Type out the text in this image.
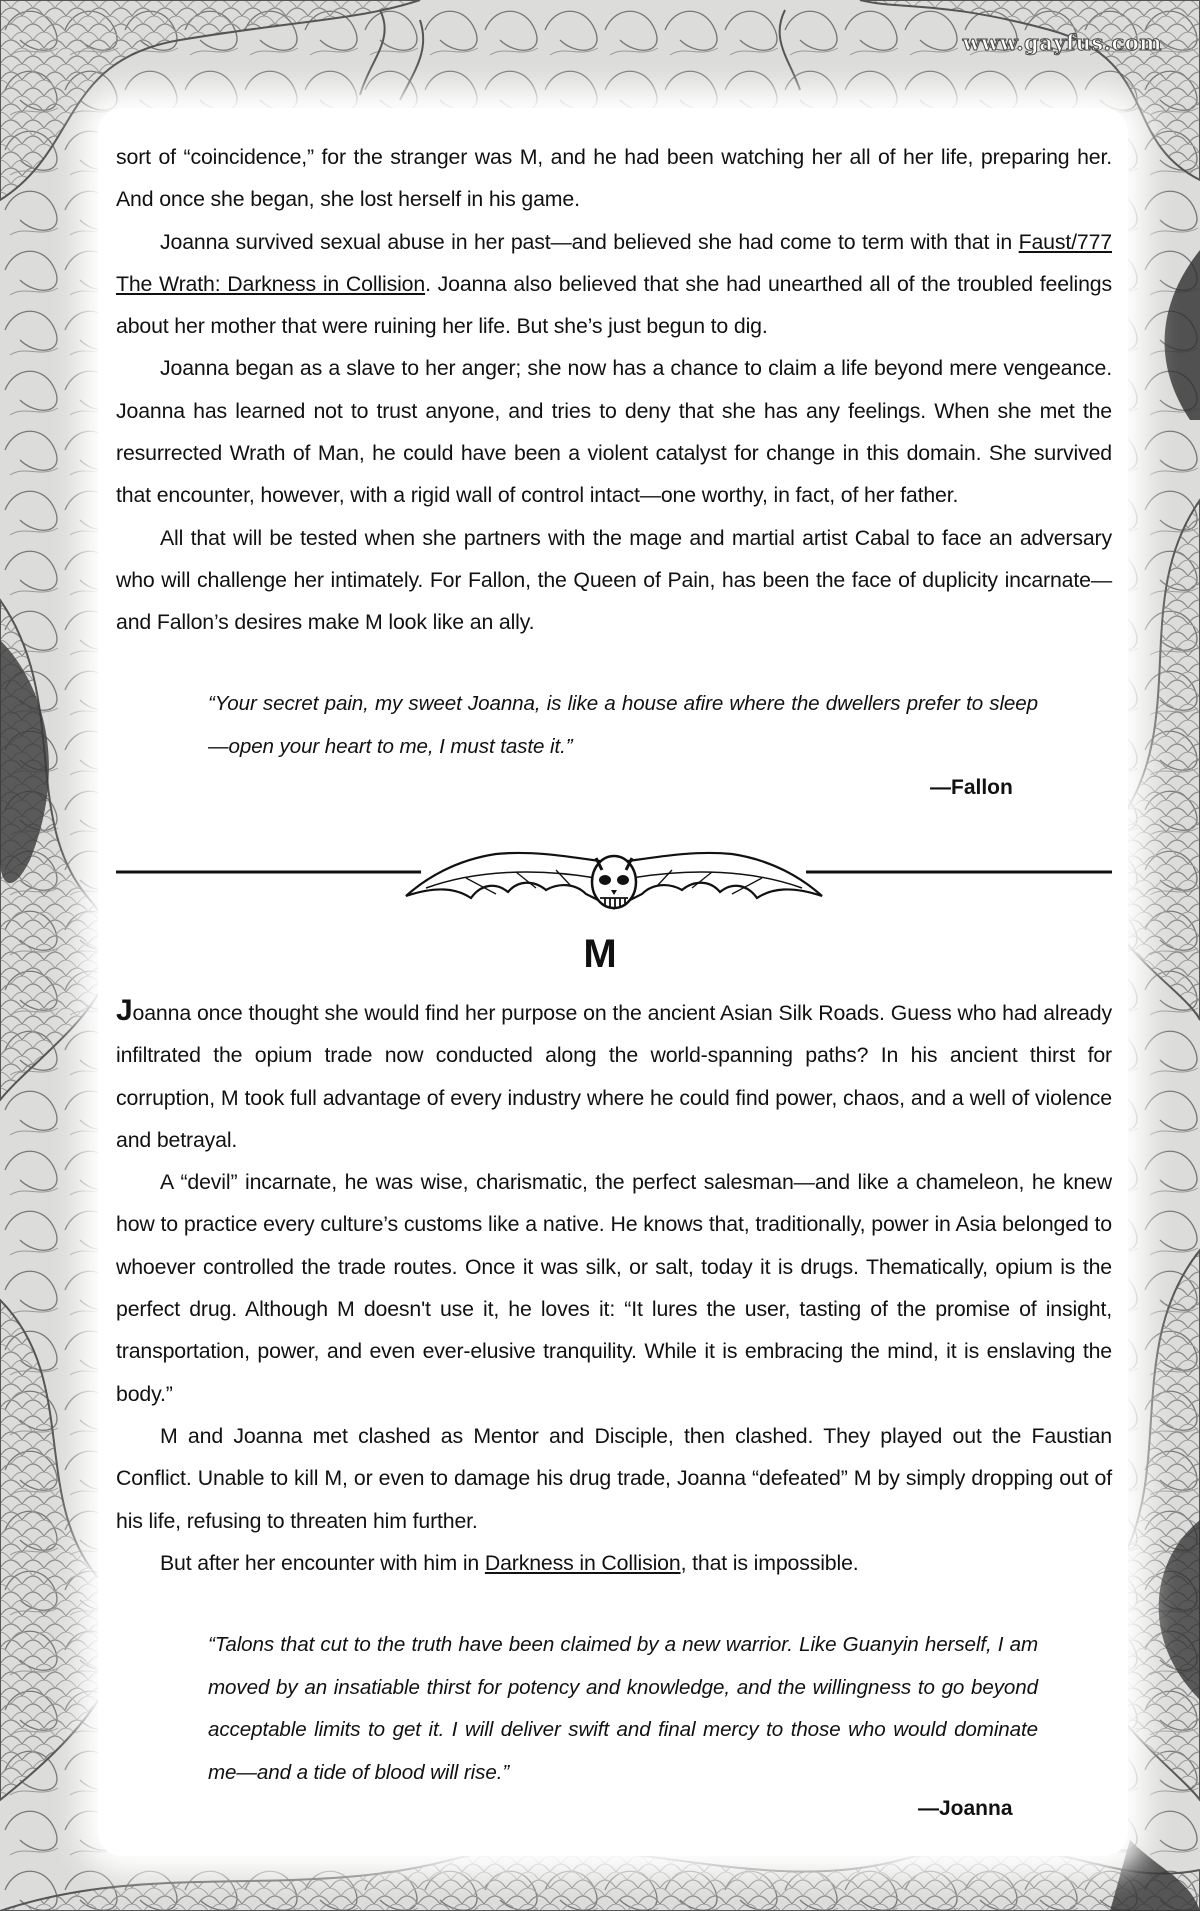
www.gayfus.com

sort of “coincidence,” for the stranger was M, and he had been watching her all of her life, preparing her. And once she began, she lost herself in his game.

Joanna survived sexual abuse in her past—and believed she had come to term with that in Faust/777 The Wrath: Darkness in Collision. Joanna also believed that she had unearthed all of the troubled feelings about her mother that were ruining her life. But she’s just begun to dig.

Joanna began as a slave to her anger; she now has a chance to claim a life beyond mere vengeance. Joanna has learned not to trust anyone, and tries to deny that she has any feelings. When she met the resurrected Wrath of Man, he could have been a violent catalyst for change in this domain. She survived that encounter, however, with a rigid wall of control intact—one worthy, in fact, of her father.

All that will be tested when she partners with the mage and martial artist Cabal to face an adversary who will challenge her intimately. For Fallon, the Queen of Pain, has been the face of duplicity incarnate—and Fallon’s desires make M look like an ally.

“Your secret pain, my sweet Joanna, is like a house afire where the dwellers prefer to sleep—open your heart to me, I must taste it.”

—Fallon

M

Joanna once thought she would find her purpose on the ancient Asian Silk Roads. Guess who had already infiltrated the opium trade now conducted along the world-spanning paths? In his ancient thirst for corruption, M took full advantage of every industry where he could find power, chaos, and a well of violence and betrayal.

A “devil” incarnate, he was wise, charismatic, the perfect salesman—and like a chameleon, he knew how to practice every culture’s customs like a native. He knows that, traditionally, power in Asia belonged to whoever controlled the trade routes. Once it was silk, or salt, today it is drugs. Thematically, opium is the perfect drug. Although M doesn't use it, he loves it: “It lures the user, tasting of the promise of insight, transportation, power, and even ever-elusive tranquility. While it is embracing the mind, it is enslaving the body.”

M and Joanna met clashed as Mentor and Disciple, then clashed. They played out the Faustian Conflict. Unable to kill M, or even to damage his drug trade, Joanna “defeated” M by simply dropping out of his life, refusing to threaten him further.

But after her encounter with him in Darkness in Collision, that is impossible.

“Talons that cut to the truth have been claimed by a new warrior. Like Guanyin herself, I am moved by an insatiable thirst for potency and knowledge, and the willingness to go beyond acceptable limits to get it. I will deliver swift and final mercy to those who would dominate me—and a tide of blood will rise.”

—Joanna
